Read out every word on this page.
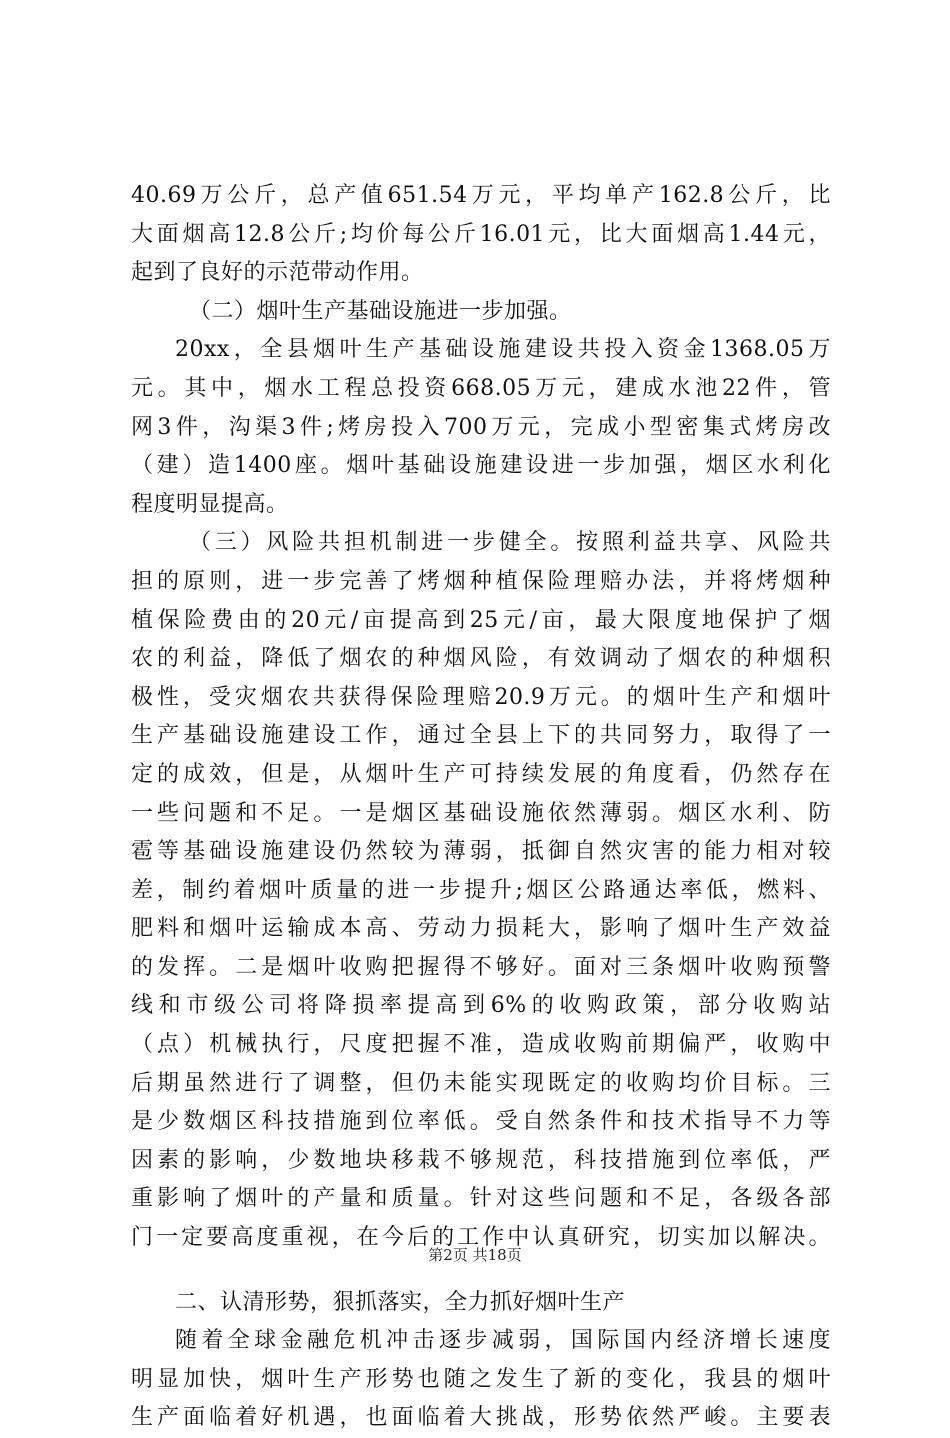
40.69万公斤，总产值651.54万元，平均单产162.8公斤，比
大面烟高12.8公斤;均价每公斤16.01元，比大面烟高1.44元，
起到了良好的示范带动作用。
（二）烟叶生产基础设施进一步加强。
20xx，全县烟叶生产基础设施建设共投入资金1368.05万
元。其中，烟水工程总投资668.05万元，建成水池22件，管
网3件，沟渠3件;烤房投入700万元，完成小型密集式烤房改
（建）造1400座。烟叶基础设施建设进一步加强，烟区水利化
程度明显提高。
（三）风险共担机制进一步健全。按照利益共享、风险共
担的原则，进一步完善了烤烟种植保险理赔办法，并将烤烟种
植保险费由的20元/亩提高到25元/亩，最大限度地保护了烟
农的利益，降低了烟农的种烟风险，有效调动了烟农的种烟积
极性，受灾烟农共获得保险理赔20.9万元。的烟叶生产和烟叶
生产基础设施建设工作，通过全县上下的共同努力，取得了一
定的成效，但是，从烟叶生产可持续发展的角度看，仍然存在
一些问题和不足。一是烟区基础设施依然薄弱。烟区水利、防
雹等基础设施建设仍然较为薄弱，抵御自然灾害的能力相对较
差，制约着烟叶质量的进一步提升;烟区公路通达率低，燃料、
肥料和烟叶运输成本高、劳动力损耗大，影响了烟叶生产效益
的发挥。二是烟叶收购把握得不够好。面对三条烟叶收购预警
线和市级公司将降损率提高到6%的收购政策，部分收购站
（点）机械执行，尺度把握不准，造成收购前期偏严，收购中
后期虽然进行了调整，但仍未能实现既定的收购均价目标。三
是少数烟区科技措施到位率低。受自然条件和技术指导不力等
因素的影响，少数地块移栽不够规范，科技措施到位率低，严
重影响了烟叶的产量和质量。针对这些问题和不足，各级各部
门一定要高度重视，在今后的工作中认真研究，切实加以解决。
二、认清形势，狠抓落实，全力抓好烟叶生产
随着全球金融危机冲击逐步减弱，国际国内经济增长速度
明显加快，烟叶生产形势也随之发生了新的变化，我县的烟叶
生产面临着好机遇，也面临着大挑战，形势依然严峻。主要表
第2页 共18页
